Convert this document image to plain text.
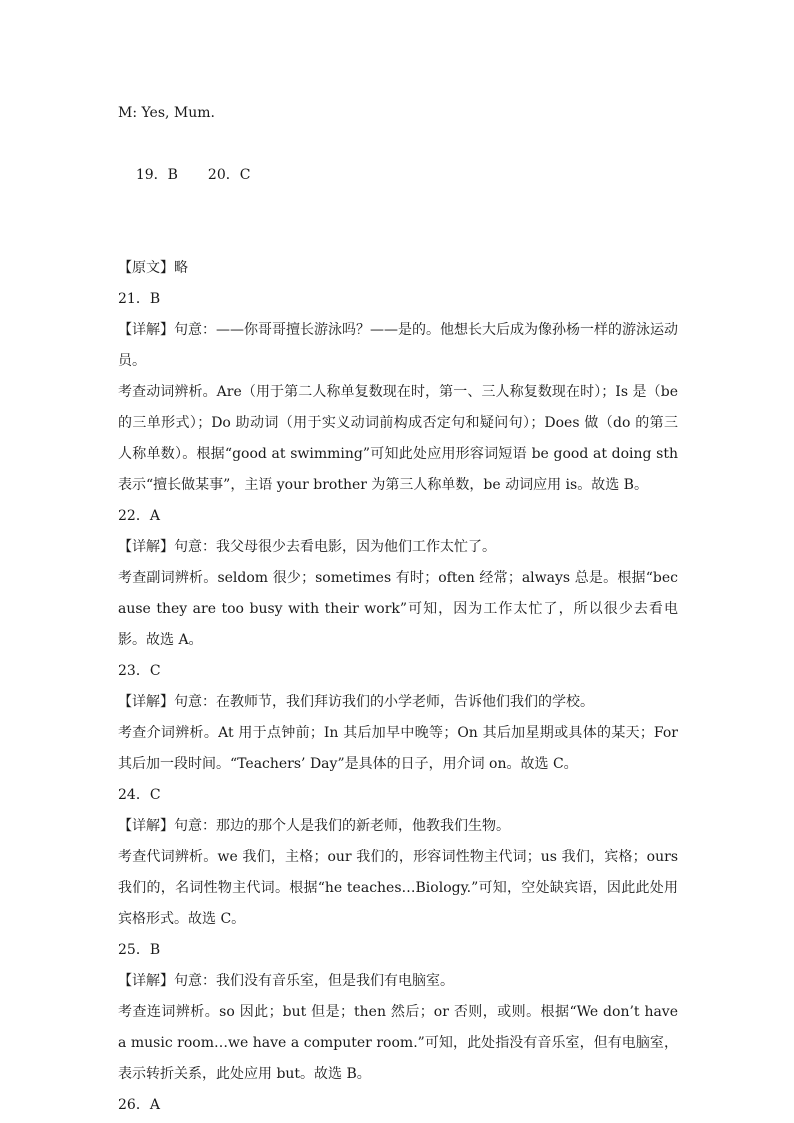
M: Yes, Mum.

19．B 20．C

【原文】略
21．B
【详解】句意：——你哥哥擅长游泳吗？——是的。他想长大后成为像孙杨一样的游泳运动员。
考查动词辨析。Are（用于第二人称单复数现在时，第一、三人称复数现在时）；Is 是（be 的三单形式）；Do 助动词（用于实义动词前构成否定句和疑问句）；Does 做（do 的第三人称单数）。根据“good at swimming”可知此处应用形容词短语 be good at doing sth 表示“擅长做某事”，主语 your brother 为第三人称单数，be 动词应用 is。故选 B。
22．A
【详解】句意：我父母很少去看电影，因为他们工作太忙了。
考查副词辨析。seldom 很少；sometimes 有时；often 经常；always 总是。根据“because they are too busy with their work”可知，因为工作太忙了，所以很少去看电影。故选 A。
23．C
【详解】句意：在教师节，我们拜访我们的小学老师，告诉他们我们的学校。
考查介词辨析。At 用于点钟前；In 其后加早中晚等；On 其后加星期或具体的某天；For 其后加一段时间。“Teachers’ Day”是具体的日子，用介词 on。故选 C。
24．C
【详解】句意：那边的那个人是我们的新老师，他教我们生物。
考查代词辨析。we 我们，主格；our 我们的，形容词性物主代词；us 我们，宾格；ours 我们的，名词性物主代词。根据“he teaches…Biology.”可知，空处缺宾语，因此此处用宾格形式。故选 C。
25．B
【详解】句意：我们没有音乐室，但是我们有电脑室。
考查连词辨析。so 因此；but 但是；then 然后；or 否则，或则。根据“We don’t have a music room…we have a computer room.”可知，此处指没有音乐室，但有电脑室，表示转折关系，此处应用 but。故选 B。
26．A
